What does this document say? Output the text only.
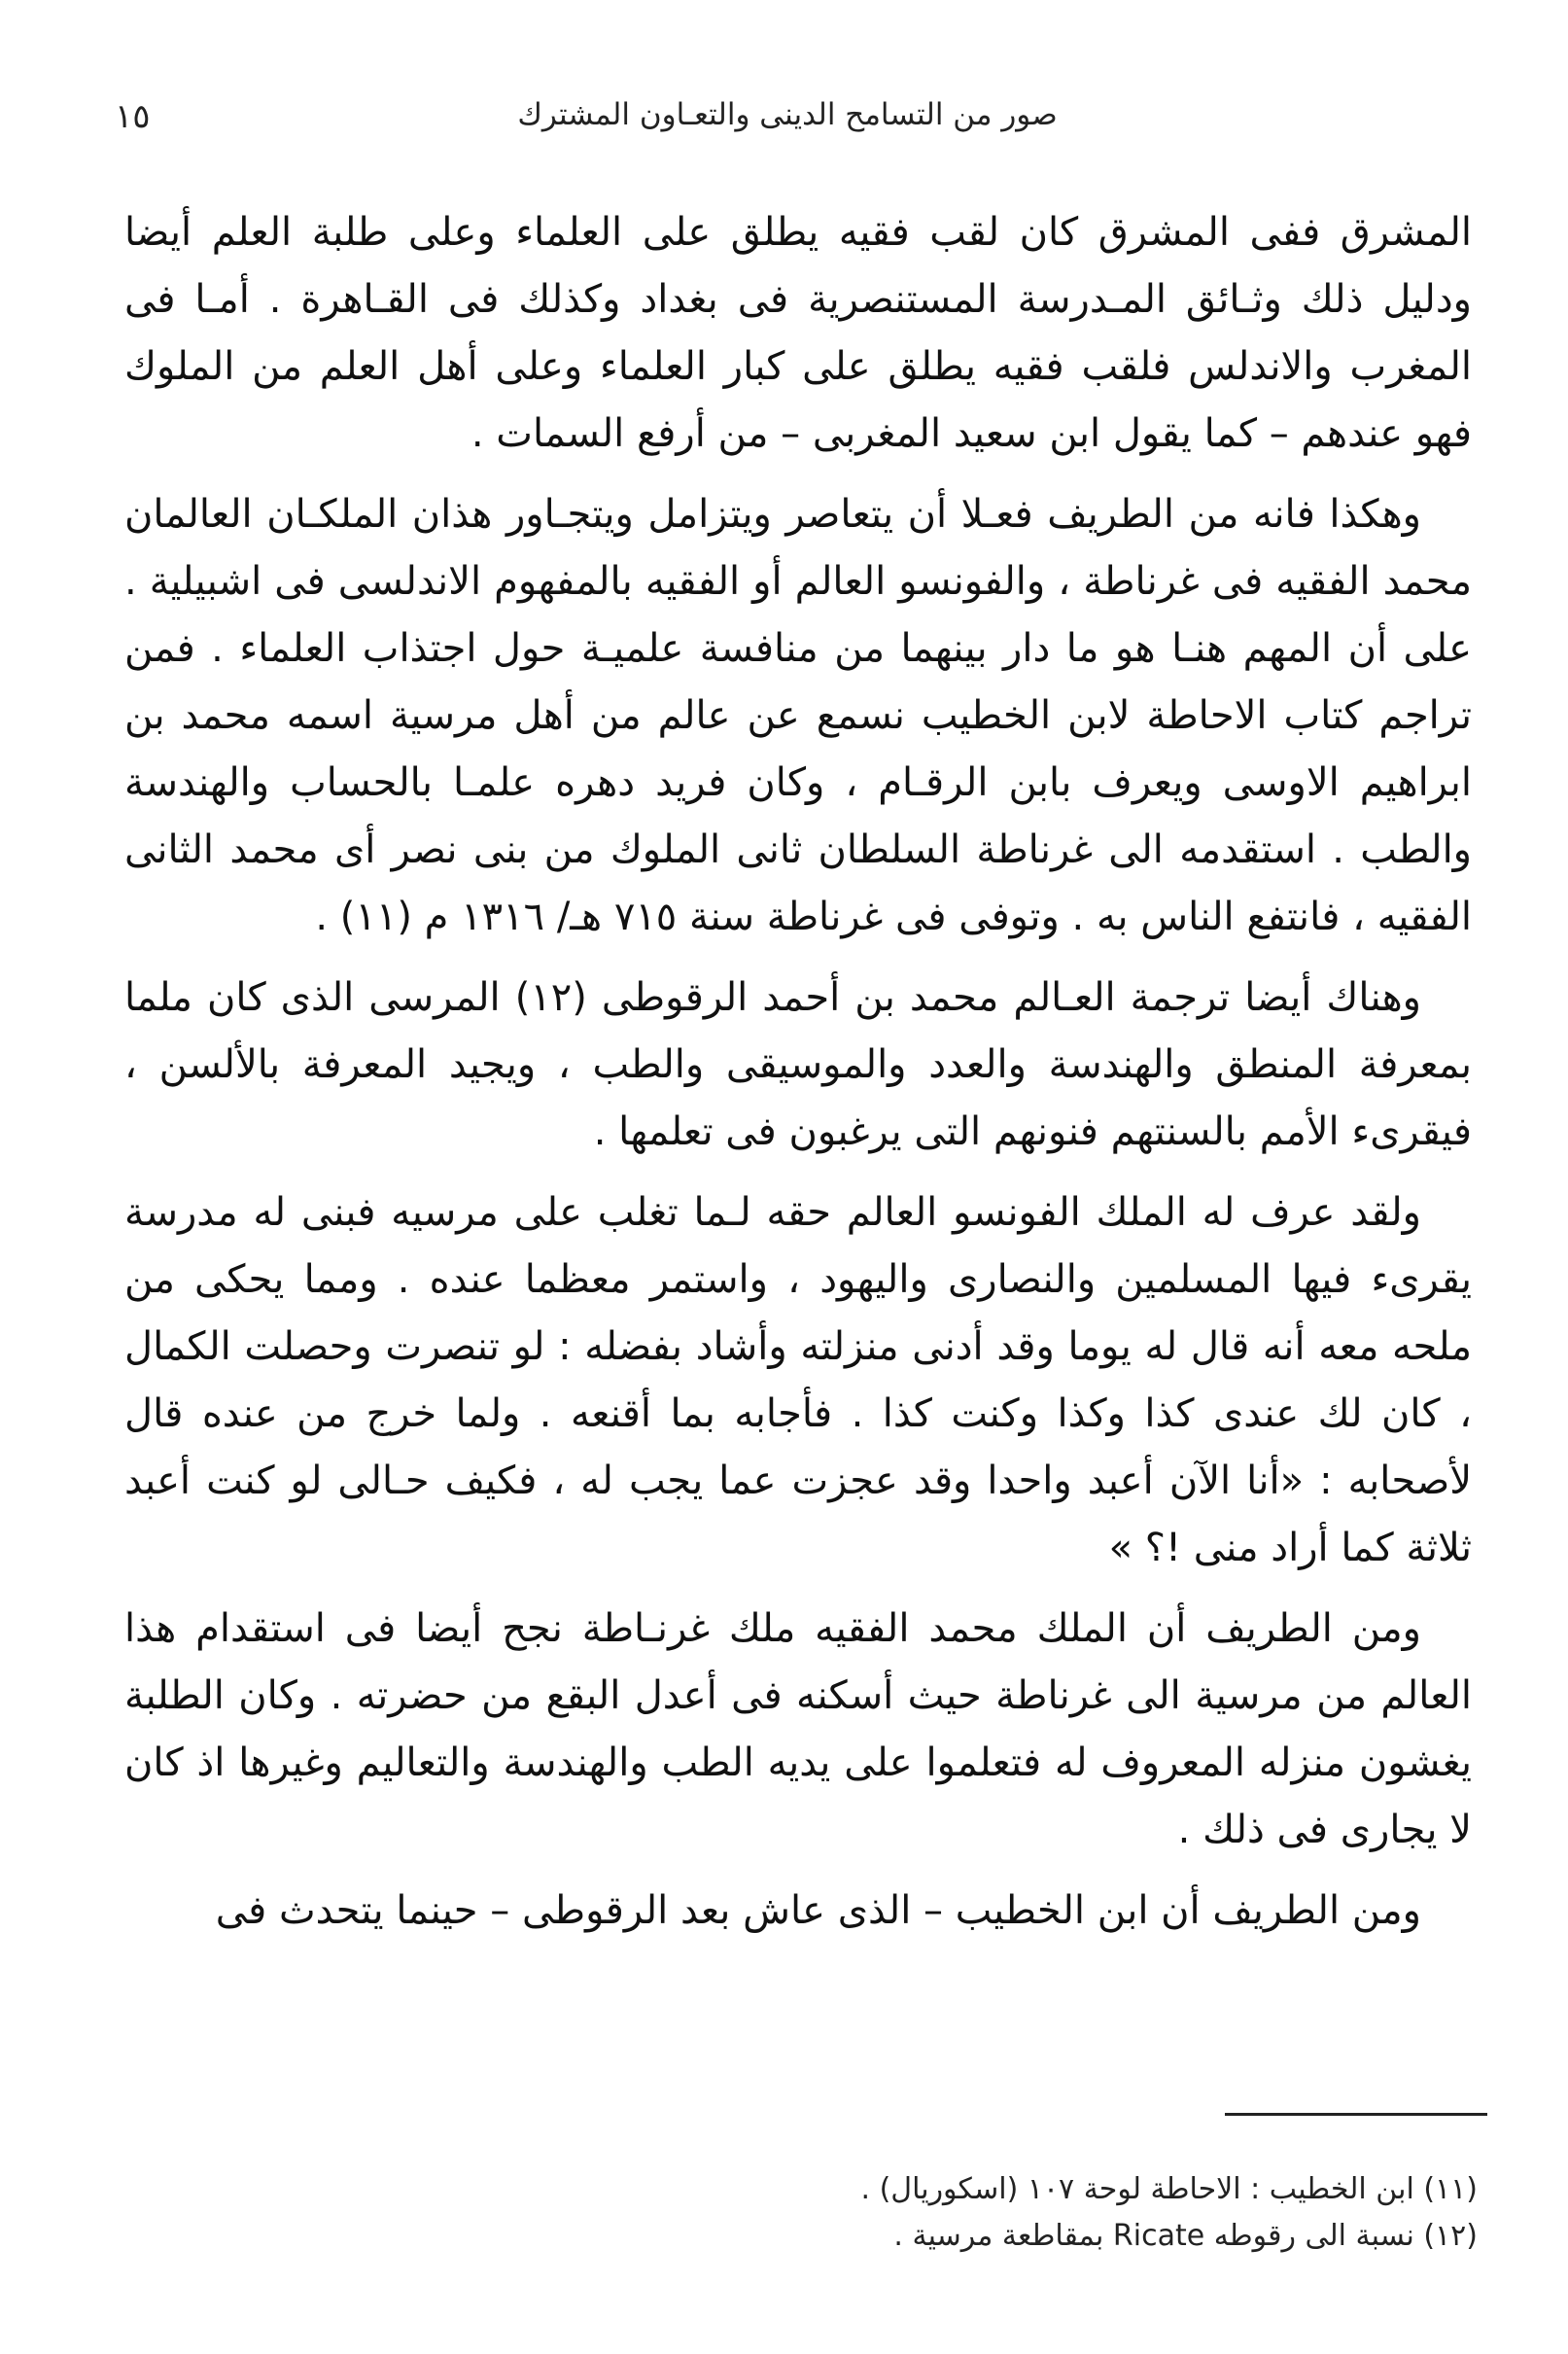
صور من التسامح الدينى والتعـاون المشترك
١٥

المشرق ففى المشرق كان لقب فقيه يطلق على العلماء وعلى طلبة العلم أيضا ودليل ذلك وثـائق المـدرسة المستنصرية فى بغداد وكذلك فى القـاهرة . أمـا فى المغرب والاندلس فلقب فقيه يطلق على كبار العلماء وعلى أهل العلم من الملوك فهو عندهم – كما يقول ابن سعيد المغربى – من أرفع السمات .

وهكذا فانه من الطريف فعـلا أن يتعاصر ويتزامل ويتجـاور هذان الملكـان العالمان محمد الفقيه فى غرناطة ، والفونسو العالم أو الفقيه بالمفهوم الاندلسى فى اشبيلية . على أن المهم هنـا هو ما دار بينهما من منافسة علميـة حول اجتذاب العلماء . فمن تراجم كتاب الاحاطة لابن الخطيب نسمع عن عالم من أهل مرسية اسمه محمد بن ابراهيم الاوسى ويعرف بابن الرقـام ، وكان فريد دهره علمـا بالحساب والهندسة والطب . استقدمه الى غرناطة السلطان ثانى الملوك من بنى نصر أى محمد الثانى الفقيه ، فانتفع الناس به . وتوفى فى غرناطة سنة ٧١٥ هـ/ ١٣١٦ م (١١) .

وهناك أيضا ترجمة العـالم محمد بن أحمد الرقوطى (١٢) المرسى الذى كان ملما بمعرفة المنطق والهندسة والعدد والموسيقى والطب ، ويجيد المعرفة بالألسن ، فيقرىء الأمم بالسنتهم فنونهم التى يرغبون فى تعلمها .

ولقد عرف له الملك الفونسو العالم حقه لـما تغلب على مرسيه فبنى له مدرسة يقرىء فيها المسلمين والنصارى واليهود ، واستمر معظما عنده . ومما يحكى من ملحه معه أنه قال له يوما وقد أدنى منزلته وأشاد بفضله : لو تنصرت وحصلت الكمال ، كان لك عندى كذا وكذا وكنت كذا . فأجابه بما أقنعه . ولما خرج من عنده قال لأصحابه : «أنا الآن أعبد واحدا وقد عجزت عما يجب له ، فكيف حـالى لو كنت أعبد ثلاثة كما أراد منى !؟ »

ومن الطريف أن الملك محمد الفقيه ملك غرنـاطة نجح أيضا فى استقدام هذا العالم من مرسية الى غرناطة حيث أسكنه فى أعدل البقع من حضرته . وكان الطلبة يغشون منزله المعروف له فتعلموا على يديه الطب والهندسة والتعاليم وغيرها اذ كان لا يجارى فى ذلك .

ومن الطريف أن ابن الخطيب – الذى عاش بعد الرقوطى – حينما يتحدث فى

(١١) ابن الخطيب : الاحاطة لوحة ١٠٧ (اسكوريال) .

(١٢) نسبة الى رقوطه Ricate بمقاطعة مرسية .
